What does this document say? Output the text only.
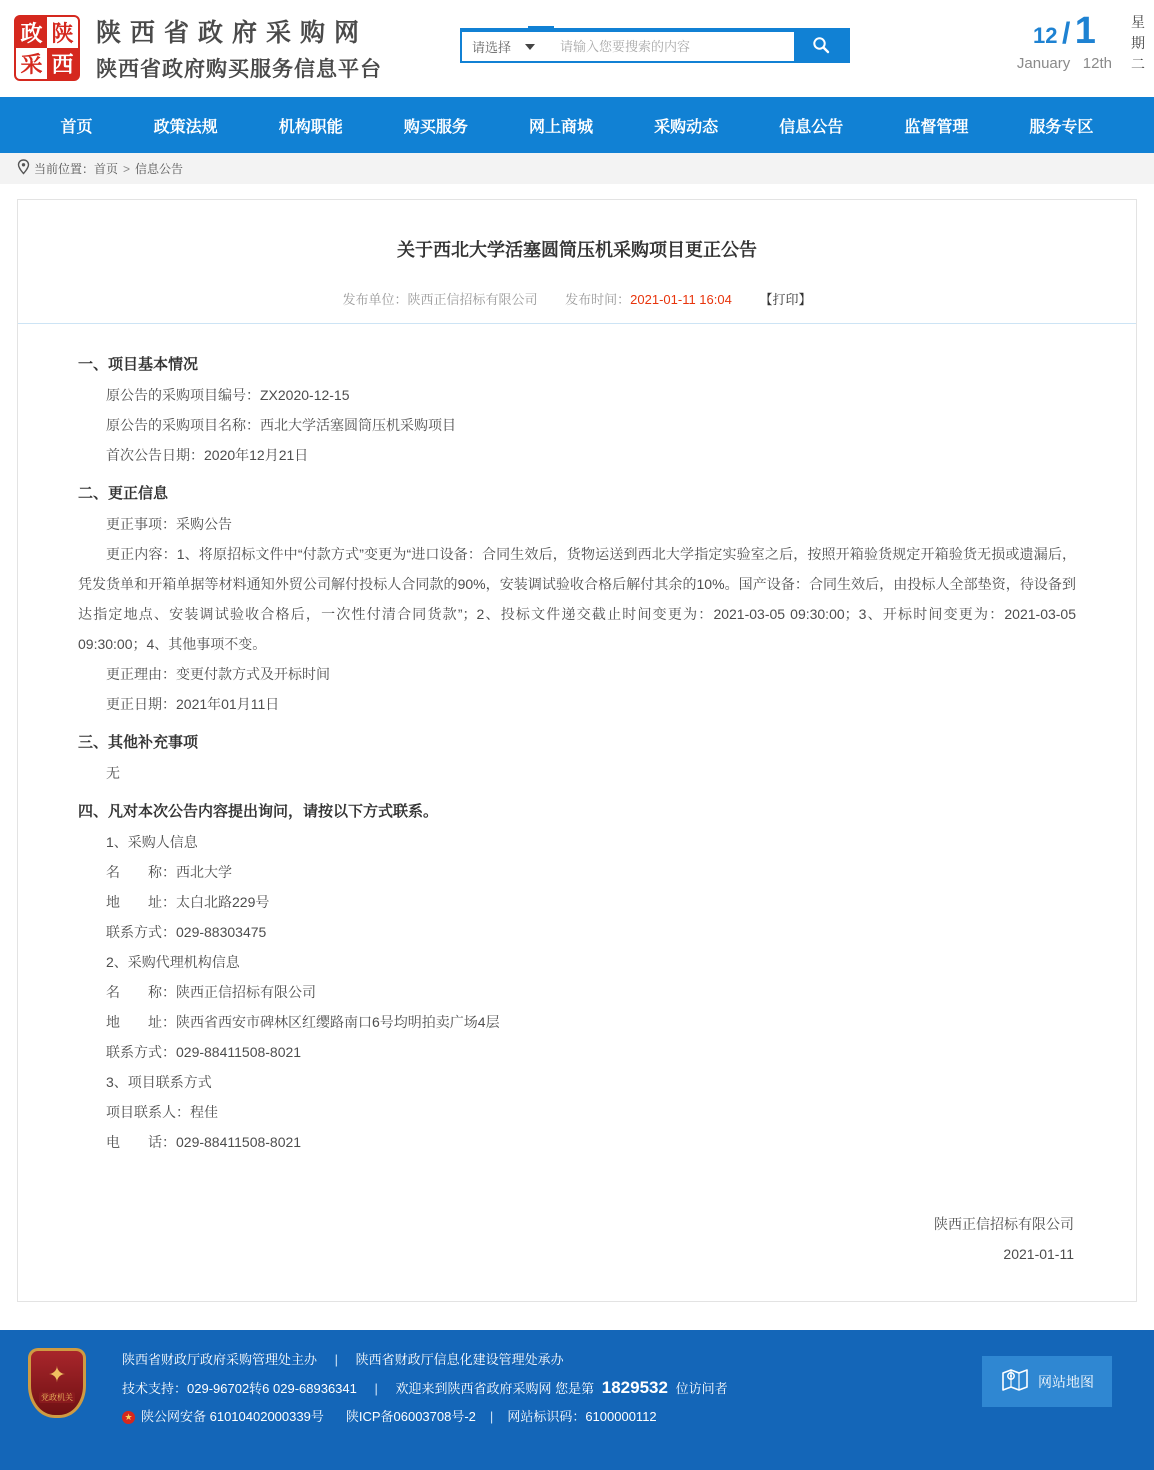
政 陕
采 西
陕西省政府采购网
陕西省政府购买服务信息平台
请选择
请输入您要搜索的内容	12 / 1
January 12th
星
期
二
首页	政策法规	机构职能	购买服务	网上商城	采购动态	信息公告	监督管理	服务专区
当前位置： 首页 > 信息公告
关于西北大学活塞圆筒压机采购项目更正公告
发布单位：陕西正信招标有限公司 发布时间：2021-01-11 16:04 【打印】

一、项目基本情况

原公告的采购项目编号：ZX2020-12-15

原公告的采购项目名称：西北大学活塞圆筒压机采购项目

首次公告日期：2020年12月21日

二、更正信息

更正事项：采购公告

更正内容：1、将原招标文件中“付款方式”变更为“进口设备：合同生效后，货物运送到西北大学指定实验室之后，按照开箱验货规定开箱验货无损或遗漏后，凭发货单和开箱单据等材料通知外贸公司解付投标人合同款的90%，安装调试验收合格后解付其余的10%。国产设备：合同生效后，由投标人全部垫资，待设备到达指定地点、安装调试验收合格后，一次性付清合同货款”；2、投标文件递交截止时间变更为：2021-03-05 09:30:00；3、开标时间变更为：2021-03-05 09:30:00；4、其他事项不变。

更正理由：变更付款方式及开标时间

更正日期：2021年01月11日

三、其他补充事项

无

四、凡对本次公告内容提出询问，请按以下方式联系。

1、采购人信息

名　　称：西北大学

地　　址：太白北路229号

联系方式：029-88303475

2、采购代理机构信息

名　　称：陕西正信招标有限公司

地　　址：陕西省西安市碑林区红缨路南口6号均明拍卖广场4层

联系方式：029-88411508-8021

3、项目联系方式

项目联系人：程佳

电　　话：029-88411508-8021

陕西正信招标有限公司
2021-01-11
✦
党政机关
陕西省财政厅政府采购管理处主办 | 陕西省财政厅信息化建设管理处承办
技术支持：029-96702转6 029-68936341 | 欢迎来到陕西省政府采购网 您是第 1829532 位访问者
★ 陕公网安备 61010402000339号 陕ICP备06003708号-2 | 网站标识码：6100000112
网站地图
